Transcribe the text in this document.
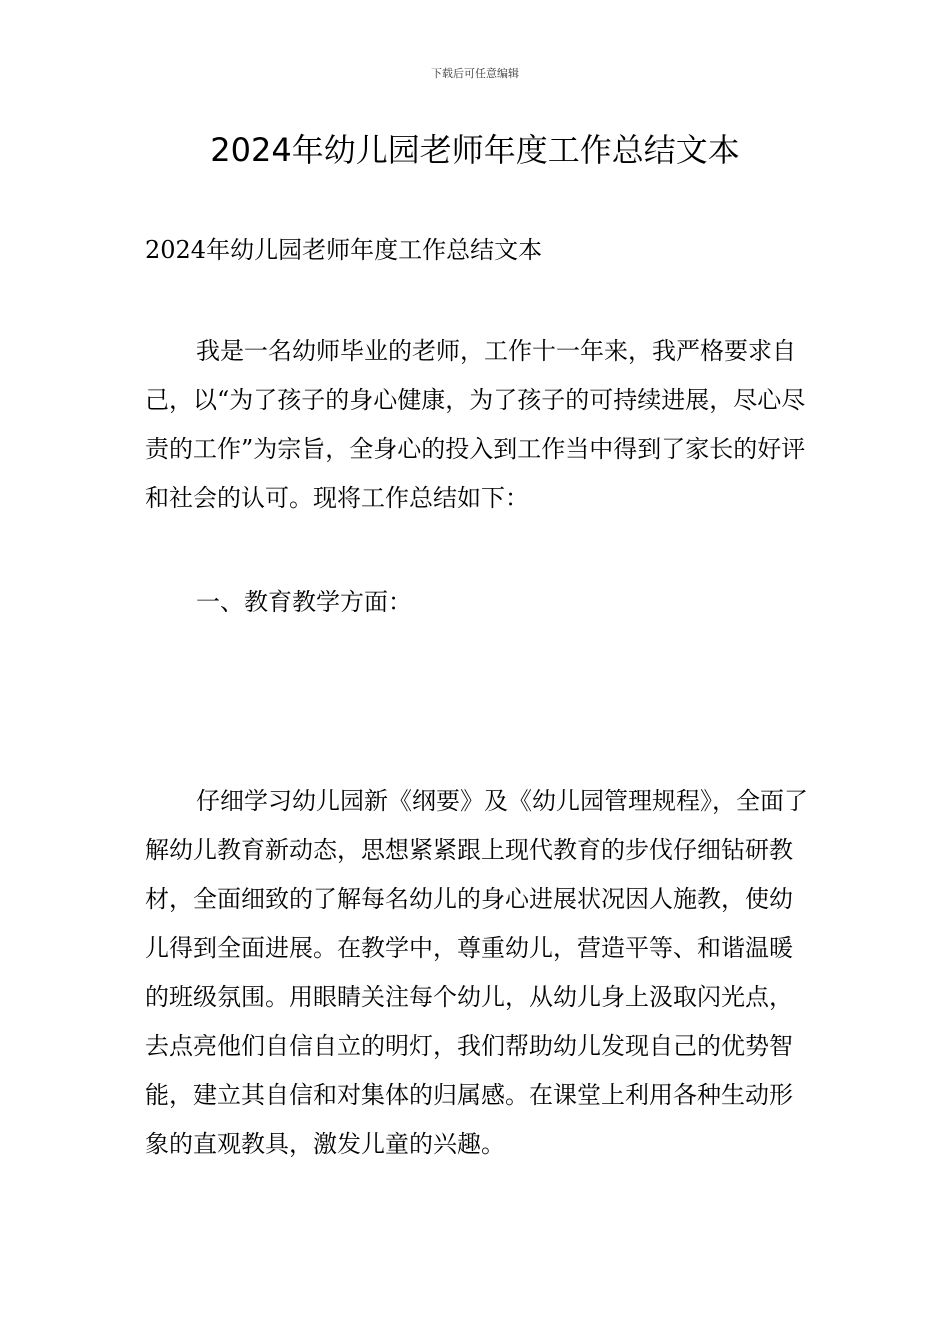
下载后可任意编辑
2024年幼儿园老师年度工作总结文本
2024年幼儿园老师年度工作总结文本

我是一名幼师毕业的老师，工作十一年来，我严格要求自己，以“为了孩子的身心健康，为了孩子的可持续进展，尽心尽责的工作”为宗旨，全身心的投入到工作当中得到了家长的好评和社会的认可。现将工作总结如下：

一、教育教学方面：

仔细学习幼儿园新《纲要》及《幼儿园管理规程》，全面了解幼儿教育新动态，思想紧紧跟上现代教育的步伐仔细钻研教材，全面细致的了解每名幼儿的身心进展状况因人施教，使幼儿得到全面进展。在教学中，尊重幼儿，营造平等、和谐温暖的班级氛围。用眼睛关注每个幼儿，从幼儿身上汲取闪光点，去点亮他们自信自立的明灯，我们帮助幼儿发现自己的优势智能，建立其自信和对集体的归属感。在课堂上利用各种生动形象的直观教具，激发儿童的兴趣。
